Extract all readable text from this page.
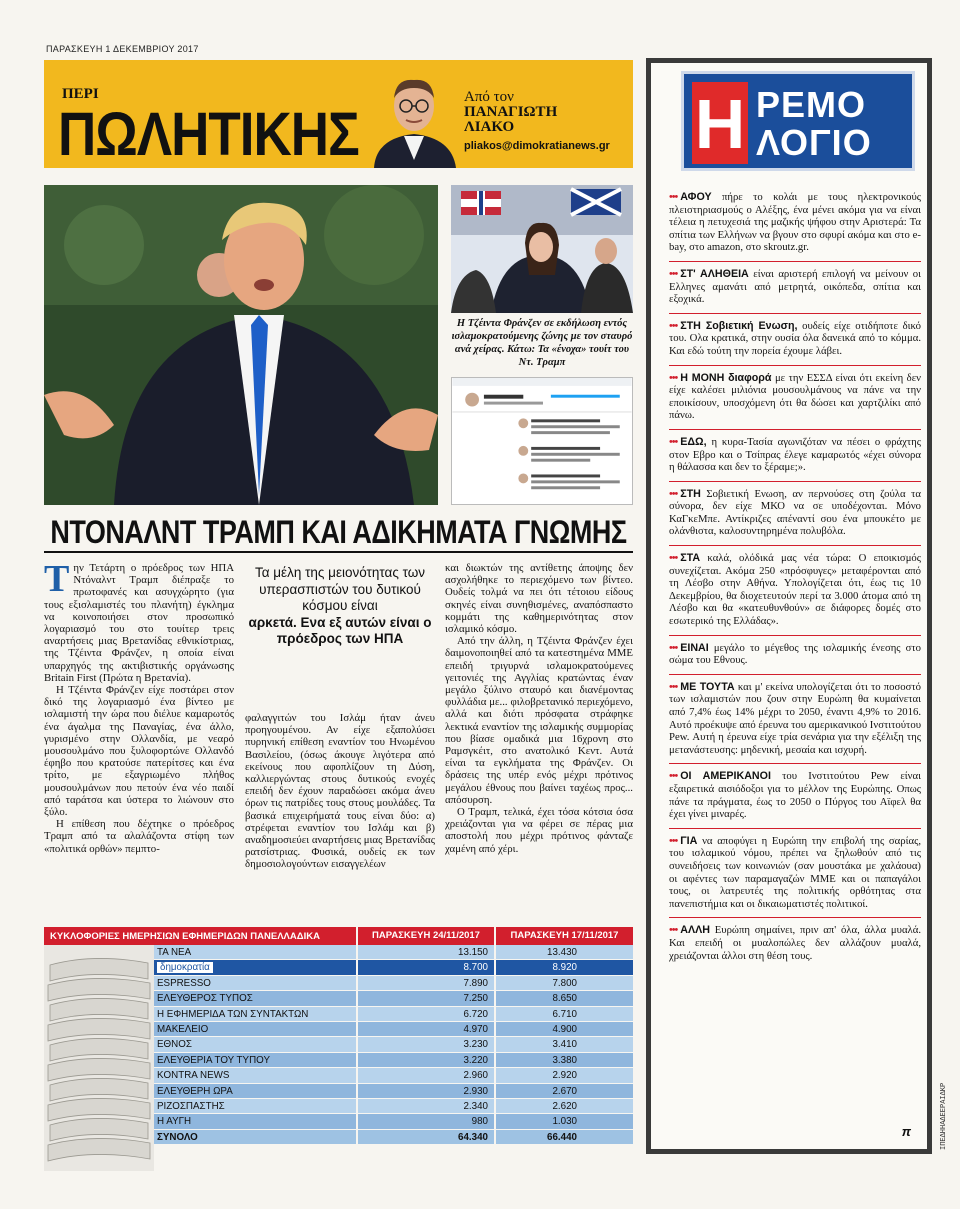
ΠΑΡΑΣΚΕΥΗ 1 ΔΕΚΕΜΒΡΙΟΥ 2017
ΠΕΡΙ
ΠΩΛΗΤΙΚΗΣ
Από τον
ΠΑΝΑΓΙΩΤΗ
ΛΙΑΚΟ
pliakos@dimokratianews.gr
Η Τζέιντα Φράνζεν σε εκδήλωση εντός ισλαμοκρατούμενης ζώνης με τον σταυρό ανά χείρας. Κάτω: Τα «ένοχα» τουίτ του Ντ. Τραμπ
ΝΤΟΝΑΛΝΤ ΤΡΑΜΠ ΚΑΙ ΑΔΙΚΗΜΑΤΑ ΓΝΩΜΗΣ

Την Τετάρτη ο πρόεδρος των ΗΠΑ Ντόναλντ Τραμπ διέπραξε το πρωτοφανές και ασυγχώρητο (για τους εξισλαμιστές του πλανήτη) έγκλημα να κοινοποιήσει στον προσωπικό λογαριασμό του στο τουίτερ τρεις αναρτήσεις μιας Βρετανίδας εθνικίστριας, της Τζέιντα Φράνζεν, η οποία είναι υπαρχηγός της ακτιβιστικής οργάνωσης Britain First (Πρώτα η Βρετανία).

Η Τζέιντα Φράνζεν είχε ποστάρει στον δικό της λογαριασμό ένα βίντεο με ισλαμιστή την ώρα που διέλυε καμαρωτός ένα άγαλμα της Παναγίας, ένα άλλο, γυρισμένο στην Ολλανδία, με νεαρό μουσουλμάνο που ξυλοφορτώνε Ολλανδό έφηβο που κρατούσε πατερίτσες και ένα τρίτο, με εξαγριωμένο πλήθος μουσουλμάνων που πετούν ένα νέο παιδί από ταράτσα και ύστερα το λιώνουν στο ξύλο.

Η επίθεση που δέχτηκε ο πρόεδρος Τραμπ από τα αλαλάζοντα στίφη των «πολιτικά ορθών» πεμπτο-

Τα μέλη της μειονότητας των υπερασπιστών του δυτικού κόσμου είναι
αρκετά. Ενα εξ αυτών είναι ο πρόεδρος των ΗΠΑ

φαλαγγιτών του Ισλάμ ήταν άνευ προηγουμένου. Αν είχε εξαπολύσει πυρηνική επίθεση εναντίον του Ηνωμένου Βασιλείου, (όσως άκουγε λιγότερα από εκείνους που αφοπλίζουν τη Δύση, καλλιεργώντας στους δυτικούς ενοχές επειδή δεν έχουν παραδώσει ακόμα άνευ όρων τις πατρίδες τους στους μουλάδες. Τα βασικά επιχειρήματά τους είναι δύο: α) στρέφεται εναντίον του Ισλάμ και β) αναδημοσιεύει αναρτήσεις μιας Βρετανίδας ρατσίστριας. Φυσικά, ουδείς εκ των δημοσιολογούντων εισαγγελέων

και διωκτών της αντίθετης άποψης δεν ασχολήθηκε το περιεχόμενο των βίντεο. Ουδείς τολμά να πει ότι τέτοιου είδους σκηνές είναι συνηθισμένες, αναπόσπαστο κομμάτι της καθημερινότητας στον ισλαμικό κόσμο.

Από την άλλη, η Τζέιντα Φράνζεν έχει δαιμονοποιηθεί από τα κατεστημένα ΜΜΕ επειδή τριγυρνά ισλαμοκρατούμενες γειτονιές της Αγγλίας κρατώντας έναν μεγάλο ξύλινο σταυρό και διανέμοντας φυλλάδια με... φιλοβρετανικό περιεχόμενο, αλλά και διότι πρόσφατα στράφηκε λεκτικά εναντίον της ισλαμικής συμμορίας που βίασε ομαδικά μια 16χρονη στο Ραμσγκέιτ, στο ανατολικό Κεντ. Αυτά είναι τα εγκλήματα της Φράνζεν. Οι δράσεις της υπέρ ενός μέχρι πρότινος μεγάλου έθνους που βαίνει ταχέως προς... απόσυρση.

Ο Τραμπ, τελικά, έχει τόσα κότσια όσα χρειάζονται για να φέρει σε πέρας μια αποστολή που μέχρι πρότινος φάνταζε χαμένη από χέρι.

ΚΥΚΛΟΦΟΡΙΕΣ ΗΜΕΡΗΣΙΩΝ ΕΦΗΜΕΡΙΔΩΝ ΠΑΝΕΛΛΑΔΙΚΑ	ΠΑΡΑΣΚΕΥΗ 24/11/2017	ΠΑΡΑΣΚΕΥΗ 17/11/2017
ΤΑ ΝΕΑ	13.150	13.430
δημοκρατία	8.700	8.920
ESPRESSO	7.890	7.800
ΕΛΕΥΘΕΡΟΣ ΤΥΠΟΣ	7.250	8.650
Η ΕΦΗΜΕΡΙΔΑ ΤΩΝ ΣΥΝΤΑΚΤΩΝ	6.720	6.710
ΜΑΚΕΛΕΙΟ	4.970	4.900
ΕΘΝΟΣ	3.230	3.410
ΕΛΕΥΘΕΡΙΑ ΤΟΥ ΤΥΠΟΥ	3.220	3.380
KONTRA NEWS	2.960	2.920
ΕΛΕΥΘΕΡΗ ΩΡΑ	2.930	2.670
ΡΙΖΟΣΠΑΣΤΗΣ	2.340	2.620
Η ΑΥΓΗ	980	1.030
ΣΥΝΟΛΟ	64.340	66.440
Η ΡΕΜΟ
ΛΟΓΙΟ
••• ΑΦΟΥ πήρε το κολάι με τους ηλεκτρονικούς πλειστηριασμούς ο Αλέξης, ένα μένει ακόμα για να είναι τέλεια η πετυχεσιά της μαζικής ψήφου στην Αριστερά: Τα σπίτια των Ελλήνων να βγουν στο σφυρί ακόμα και στο e-bay, στο amazon, στο skroutz.gr.
••• ΣΤ' ΑΛΗΘΕΙΑ είναι αριστερή επιλογή να μείνουν οι Ελληνες αμανάτι από μετρητά, οικόπεδα, σπίτια και εξοχικά.
••• ΣΤΗ Σοβιετική Ενωση, ουδείς είχε οτιδήποτε δικό του. Ολα κρατικά, στην ουσία όλα δανεικά από το κόμμα. Και εδώ τούτη την πορεία έχουμε λάβει.
••• Η ΜΟΝΗ διαφορά με την ΕΣΣΔ είναι ότι εκείνη δεν είχε καλέσει μιλιόνια μουσουλμάνους να πάνε να την εποικίσουν, υποσχόμενη ότι θα δώσει και χαρτζιλίκι από πάνω.
••• ΕΔΩ, η κυρα-Τασία αγωνιζόταν να πέσει ο φράχτης στον Εβρο και ο Τσίπρας έλεγε καμαρωτός «έχει σύνορα η θάλασσα και δεν το ξέραμε;».
••• ΣΤΗ Σοβιετική Ενωση, αν περνούσες στη ζούλα τα σύνορα, δεν είχε ΜΚΟ να σε υποδέχονται. Μόνο ΚαΓκεΜπε. Αντίκριζες απέναντί σου ένα μπουκέτο με ολάνθιστα, καλοσυντηρημένα πολυβόλα.
••• ΣΤΑ καλά, ολόδικά μας νέα τώρα: Ο εποικισμός συνεχίζεται. Ακόμα 250 «πρόσφυγες» μεταφέρονται από τη Λέσβο στην Αθήνα. Υπολογίζεται ότι, έως τις 10 Δεκεμβρίου, θα διοχετευτούν περί τα 3.000 άτομα από τη Λέσβο και θα «κατευθυνθούν» σε διάφορες δομές στο εσωτερικό της Ελλάδας».
••• ΕΙΝΑΙ μεγάλο το μέγεθος της ισλαμικής ένεσης στο σώμα του Εθνους.
••• ΜΕ ΤΟΥΤΑ και μ' εκείνα υπολογίζεται ότι το ποσοστό των ισλαμιστών που ζουν στην Ευρώπη θα κυμαίνεται από 7,4% έως 14% μέχρι το 2050, έναντι 4,9% το 2016. Αυτό προέκυψε από έρευνα του αμερικανικού Ινστιτούτου Pew. Αυτή η έρευνα είχε τρία σενάρια για την εξέλιξη της μετανάστευσης: μηδενική, μεσαία και ισχυρή.
••• ΟΙ ΑΜΕΡΙΚΑΝΟΙ του Ινστιτούτου Pew είναι εξαιρετικά αισιόδοξοι για το μέλλον της Ευρώπης. Οπως πάνε τα πράγματα, έως το 2050 ο Πύργος του Αϊφελ θα έχει γίνει μιναρές.
••• ΓΙΑ να αποφύγει η Ευρώπη την επιβολή της σαρίας, του ισλαμικού νόμου, πρέπει να ξηλωθούν από τις συνειδήσεις των κοινωνιών (σαν μουστάκα με χαλάουα) οι αφέντες των παραμαγαζών ΜΜΕ και οι παπαγάλοι τους, οι λατρευτές της πολιτικής ορθότητας στα πανεπιστήμια και οι δικαιωματιστές πολιτικοί.
••• ΑΛΛΗ Ευρώπη σημαίνει, πριν απ' όλα, άλλα μυαλά. Και επειδή οι μυαλοπώλες δεν αλλάζουν μυαλά, χρειάζονται άλλοι στη θέση τους.
π	IΠΕΔΗΗΑΔΕΕΡΑΙΔΚΡ
